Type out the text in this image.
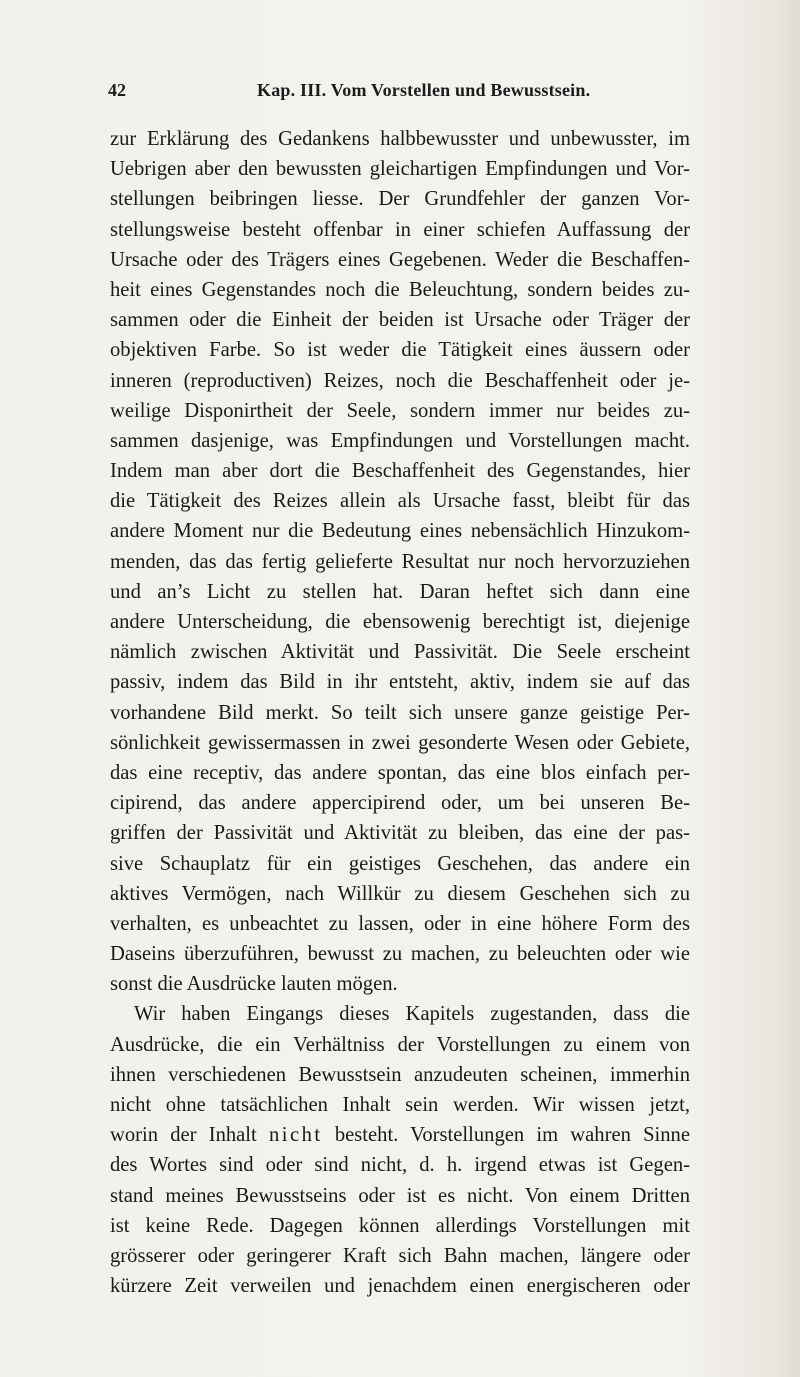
42	Kap. III. Vom Vorstellen und Bewusstsein.
zur Erklärung des Gedankens halbbewusster und unbewusster, im
Uebrigen aber den bewussten gleichartigen Empfindungen und Vor-
stellungen beibringen liesse. Der Grundfehler der ganzen Vor-
stellungsweise besteht offenbar in einer schiefen Auffassung der
Ursache oder des Trägers eines Gegebenen. Weder die Beschaffen-
heit eines Gegenstandes noch die Beleuchtung, sondern beides zu-
sammen oder die Einheit der beiden ist Ursache oder Träger der
objektiven Farbe. So ist weder die Tätigkeit eines äussern oder
inneren (reproductiven) Reizes, noch die Beschaffenheit oder je-
weilige Disponirtheit der Seele, sondern immer nur beides zu-
sammen dasjenige, was Empfindungen und Vorstellungen macht.
Indem man aber dort die Beschaffenheit des Gegenstandes, hier
die Tätigkeit des Reizes allein als Ursache fasst, bleibt für das
andere Moment nur die Bedeutung eines nebensächlich Hinzukom-
menden, das das fertig gelieferte Resultat nur noch hervorzuziehen
und an’s Licht zu stellen hat. Daran heftet sich dann eine
andere Unterscheidung, die ebensowenig berechtigt ist, diejenige
nämlich zwischen Aktivität und Passivität. Die Seele erscheint
passiv, indem das Bild in ihr entsteht, aktiv, indem sie auf das
vorhandene Bild merkt. So teilt sich unsere ganze geistige Per-
sönlichkeit gewissermassen in zwei gesonderte Wesen oder Gebiete,
das eine receptiv, das andere spontan, das eine blos einfach per-
cipirend, das andere appercipirend oder, um bei unseren Be-
griffen der Passivität und Aktivität zu bleiben, das eine der pas-
sive Schauplatz für ein geistiges Geschehen, das andere ein
aktives Vermögen, nach Willkür zu diesem Geschehen sich zu
verhalten, es unbeachtet zu lassen, oder in eine höhere Form des
Daseins überzuführen, bewusst zu machen, zu beleuchten oder wie
sonst die Ausdrücke lauten mögen.
Wir haben Eingangs dieses Kapitels zugestanden, dass die
Ausdrücke, die ein Verhältniss der Vorstellungen zu einem von
ihnen verschiedenen Bewusstsein anzudeuten scheinen, immerhin
nicht ohne tatsächlichen Inhalt sein werden. Wir wissen jetzt,
worin der Inhalt nicht besteht. Vorstellungen im wahren Sinne
des Wortes sind oder sind nicht, d. h. irgend etwas ist Gegen-
stand meines Bewusstseins oder ist es nicht. Von einem Dritten
ist keine Rede. Dagegen können allerdings Vorstellungen mit
grösserer oder geringerer Kraft sich Bahn machen, längere oder
kürzere Zeit verweilen und jenachdem einen energischeren oder
